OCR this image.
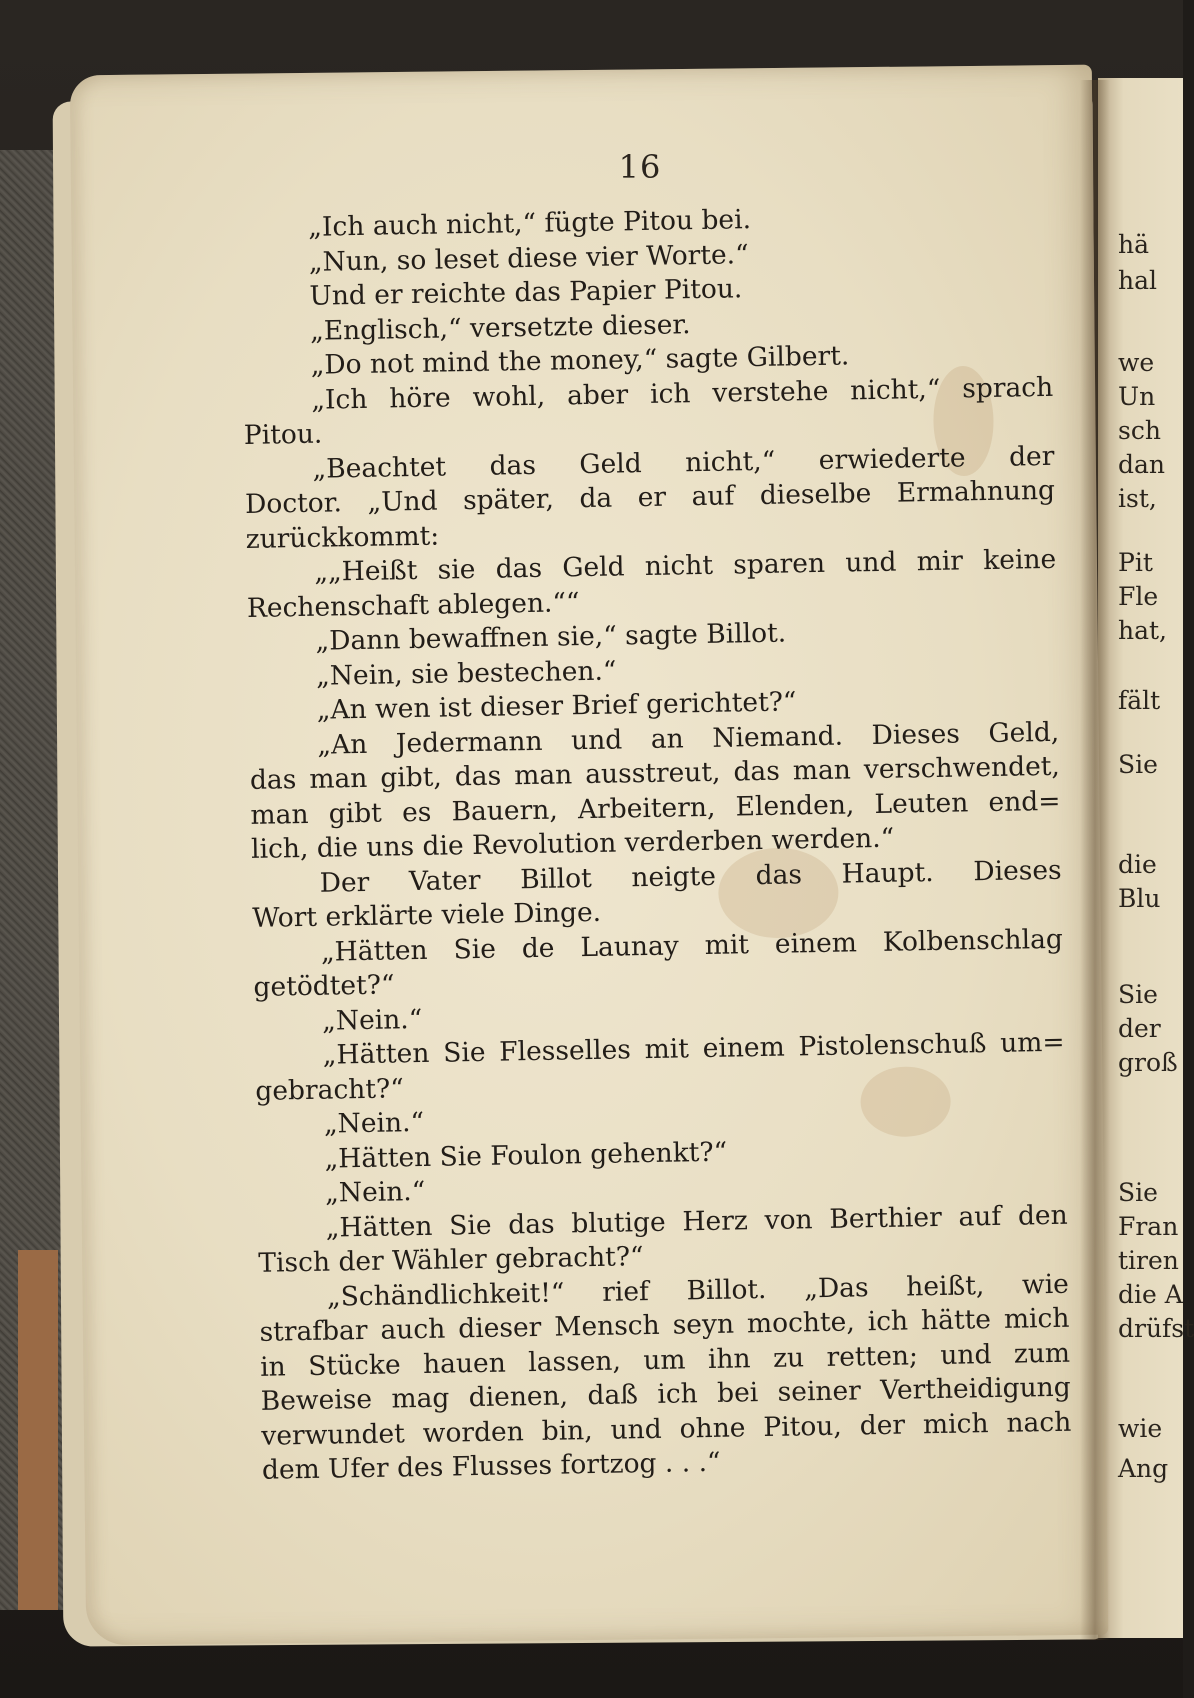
16
„Ich auch nicht,“ fügte Pitou bei.
„Nun, so leset diese vier Worte.“
Und er reichte das Papier Pitou.
„Englisch,“ versetzte dieser.
„Do not mind the money,“ sagte Gilbert.
„Ich höre wohl, aber ich verstehe nicht,“ sprach
Pitou.
„Beachtet das Geld nicht,“ erwiederte der
Doctor. „Und später, da er auf dieselbe Ermahnung
zurückkommt:
„„Heißt sie das Geld nicht sparen und mir keine
Rechenschaft ablegen.““
„Dann bewaffnen sie,“ sagte Billot.
„Nein, sie bestechen.“
„An wen ist dieser Brief gerichtet?“
„An Jedermann und an Niemand. Dieses Geld,
das man gibt, das man ausstreut, das man verschwendet,
man gibt es Bauern, Arbeitern, Elenden, Leuten end=
lich, die uns die Revolution verderben werden.“
Der Vater Billot neigte das Haupt. Dieses
Wort erklärte viele Dinge.
„Hätten Sie de Launay mit einem Kolbenschlag
getödtet?“
„Nein.“
„Hätten Sie Flesselles mit einem Pistolenschuß um=
gebracht?“
„Nein.“
„Hätten Sie Foulon gehenkt?“
„Nein.“
„Hätten Sie das blutige Herz von Berthier auf den
Tisch der Wähler gebracht?“
„Schändlichkeit!“ rief Billot. „Das heißt, wie
strafbar auch dieser Mensch seyn mochte, ich hätte mich
in Stücke hauen lassen, um ihn zu retten; und zum
Beweise mag dienen, daß ich bei seiner Vertheidigung
verwundet worden bin, und ohne Pitou, der mich nach
dem Ufer des Flusses fortzog . . .“
hä
hal
we
Un
sch
dan
ist,
Pit
Fle
hat,
fält
Sie
die
Blu
Sie
der
groß
Sie
Fran
tiren
die A
drüfst
wie
Ang
